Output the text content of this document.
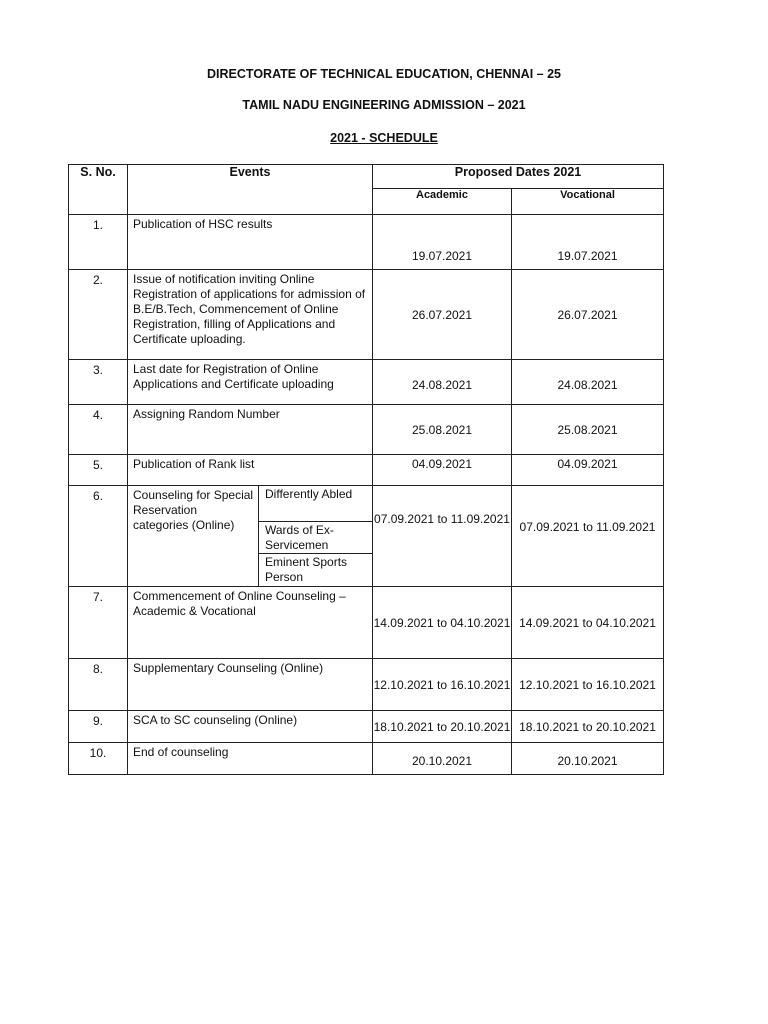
DIRECTORATE OF TECHNICAL EDUCATION, CHENNAI – 25
TAMIL NADU ENGINEERING ADMISSION – 2021
2021 - SCHEDULE
S. No.	Events		Proposed Dates 2021	
			Academic	Vocational
1.	Publication of HSC results		19.07.2021	19.07.2021
2.	Issue of notification inviting Online Registration of applications for admission of B.E/B.Tech, Commencement of Online Registration, filling of Applications and Certificate uploading.		26.07.2021	26.07.2021
3.	Last date for Registration of Online Applications and Certificate uploading		24.08.2021	24.08.2021
4.	Assigning Random Number		25.08.2021	25.08.2021
5.	Publication of Rank list		04.09.2021	04.09.2021
6.	Counseling for Special Reservation categories (Online)	Differently Abled	07.09.2021 to 11.09.2021	07.09.2021 to 11.09.2021
		Wards of Ex-Servicemen		
		Eminent Sports Person		
7.	Commencement of Online Counseling – Academic & Vocational		14.09.2021 to 04.10.2021	14.09.2021 to 04.10.2021
8.	Supplementary Counseling (Online)		12.10.2021 to 16.10.2021	12.10.2021 to 16.10.2021
9.	SCA to SC counseling (Online)		18.10.2021 to 20.10.2021	18.10.2021 to 20.10.2021
10.	End of counseling		20.10.2021	20.10.2021
